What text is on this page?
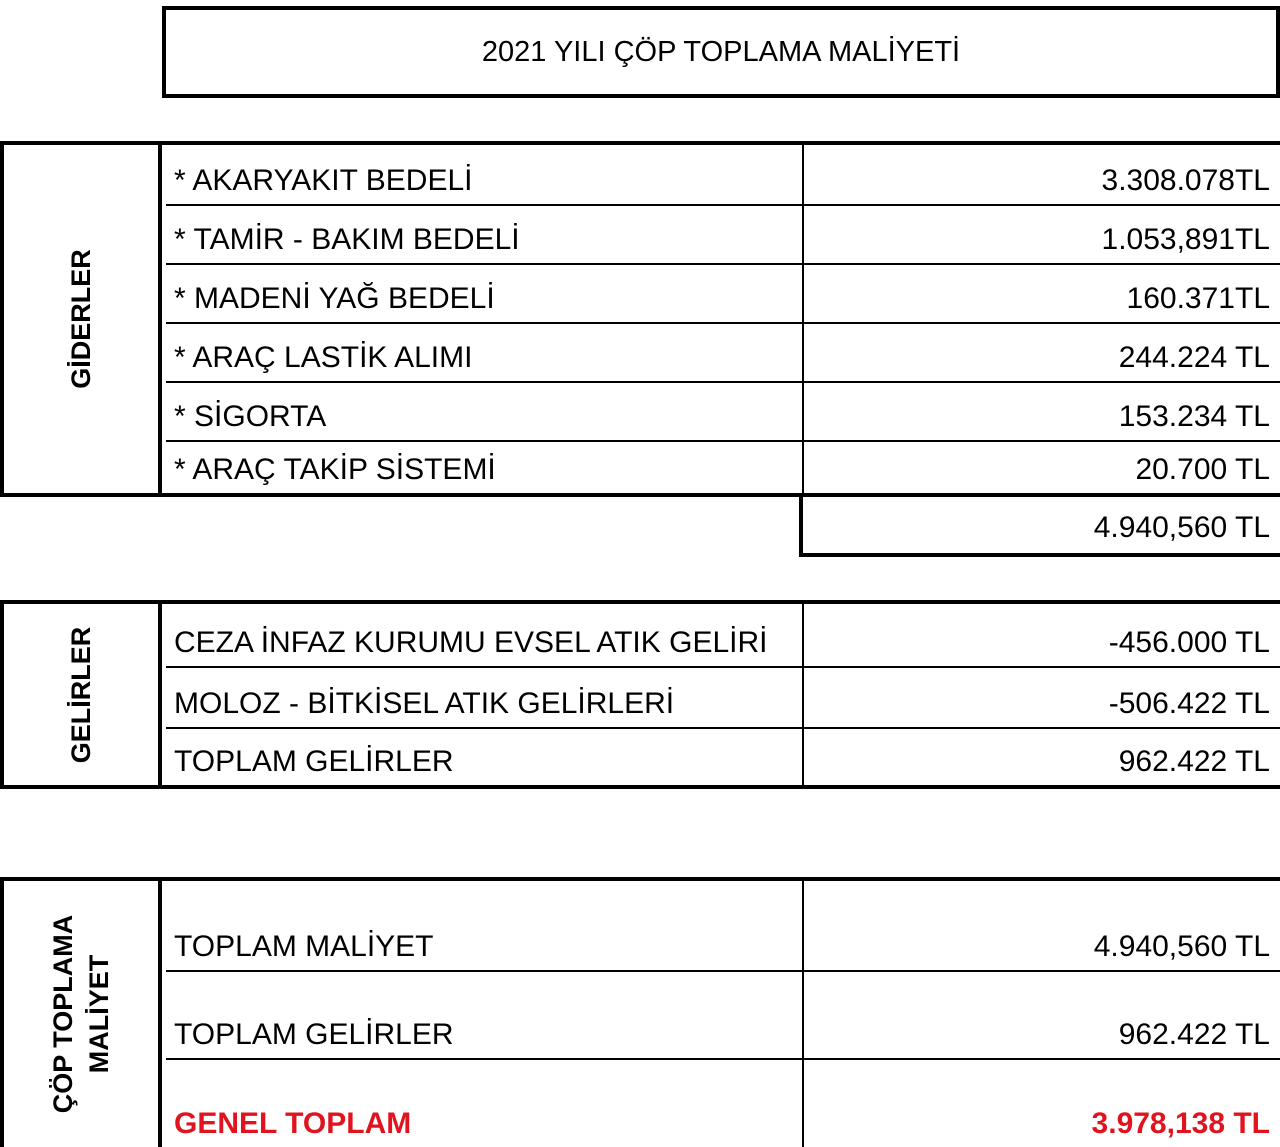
2021 YILI ÇÖP TOPLAMA MALİYETİ
GİDERLER
* AKARYAKIT BEDELİ	3.308.078TL
* TAMİR - BAKIM BEDELİ	1.053,891TL
* MADENİ YAĞ BEDELİ	160.371TL
* ARAÇ LASTİK ALIMI	244.224 TL
* SİGORTA	153.234 TL
* ARAÇ TAKİP SİSTEMİ	20.700 TL
4.940,560 TL
GELİRLER	CEZA İNFAZ KURUMU EVSEL ATIK GELİRİ	-456.000 TL
MOLOZ - BİTKİSEL ATIK GELİRLERİ	-506.422 TL
TOPLAM GELİRLER	962.422 TL
ÇÖP TOPLAMA MALİYET
TOPLAM MALİYET	4.940,560 TL
TOPLAM GELİRLER	962.422 TL
GENEL TOPLAM	3.978,138 TL
